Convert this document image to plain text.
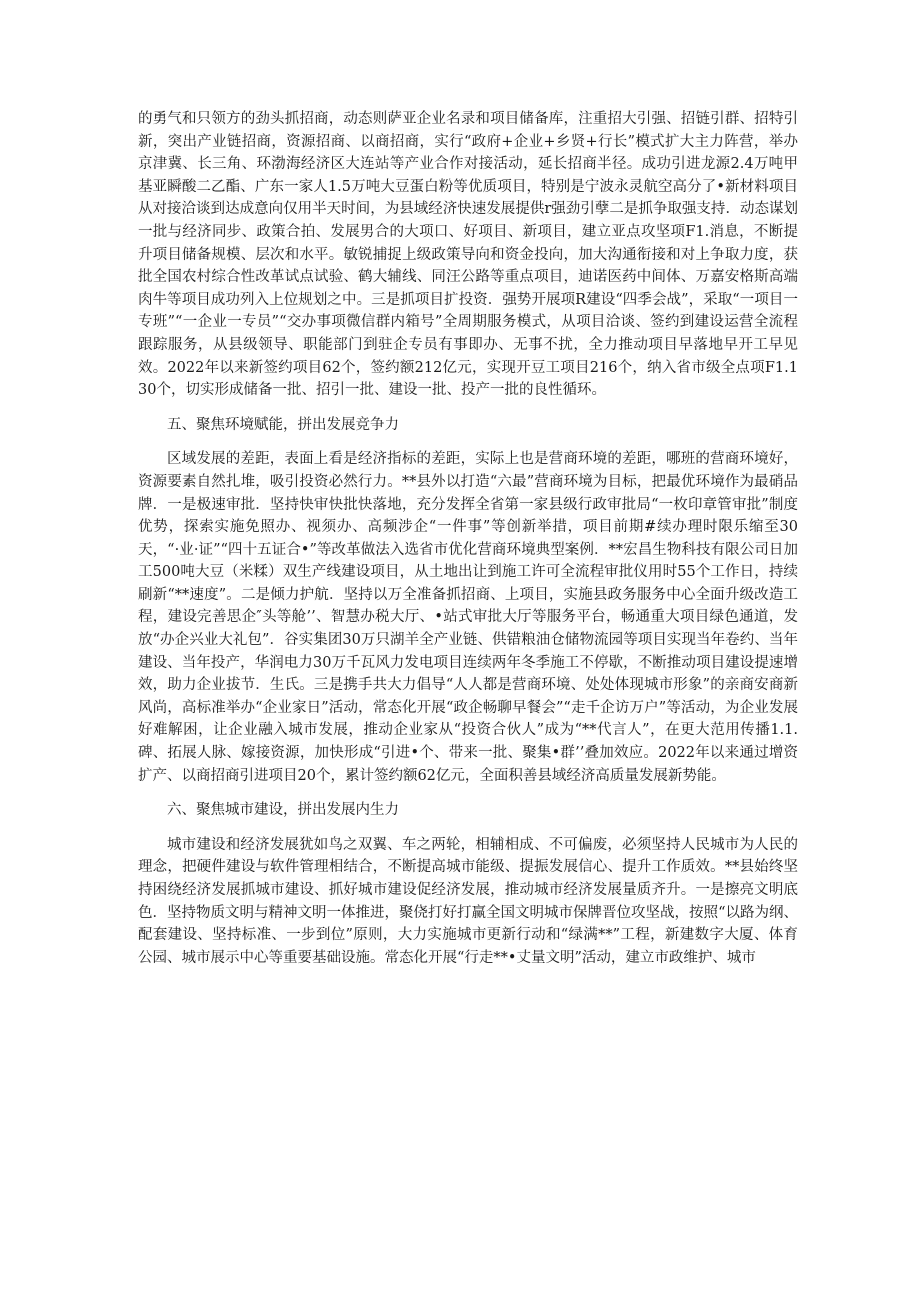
的勇气和只领方的劲头抓招商，动态则萨亚企业名录和项目储备库，注重招大引强、招链引群、招特引新，突出产业链招商，资源招商、以商招商，实行“政府+企业+乡贤+行长”模式扩大主力阵营，举办京津冀、长三角、环渤海经济区大连站等产业合作对接活动，延长招商半径。成功引进龙源2.4万吨甲基亚瞬酸二乙酯、广东一家人1.5万吨大豆蛋白粉等优质项目，特别是宁波永灵航空高分了•新材料项目从对接洽谈到达成意向仅用半天时间，为县域经济快速发展提供r强劲引孽二是抓争取强支持．动态谋划一批与经济同步、政策合拍、发展男合的大项口、好项目、新项目，建立亚点攻坚项F1.消息，不断提升项目储备规模、层次和水平。敏锐捕捉上级政策导向和资金投向，加大沟通衔接和对上争取力度，获批全国农村综合性改革试点试验、鹤大辅线、同汪公路等重点项目，迪诺医药中间体、万嘉安格斯高端肉牛等项目成功列入上位规划之中。三是抓项目扩投资．强势开展项R建设“四季会战”，采取“一项目一专班”“一企业一专员”“交办事项微信群内箱号”全周期服务模式，从项目洽谈、签约到建设运营全流程跟踪服务，从县级领导、职能部门到驻企专员有事即办、无事不扰，全力推动项目早落地早开工早见效。2022年以来新签约项目62个，签约额212亿元，实现开豆工项目216个，纳入省市级全点项F1.130个，切实形成储备一批、招引一批、建设一批、投产一批的良性循环。

五、聚焦环境赋能，拼出发展竞争力

区域发展的差距，表面上看是经济指标的差距，实际上也是营商环境的差距，哪班的营商环境好，资源要素自然扎堆，吸引投资必然行力。**县外以打造“六最”营商环境为目标，把最优环境作为最硝品牌．一是极速审批．坚持快审快批快落地，充分发挥全省第一家县级行政审批局“一枚印章管审批”制度优势，探索实施免照办、视须办、高频涉企“一件事”等创新举措，项目前期#续办理时限乐缩至30天，“·业·证”“四十五证合•”等改革做法入选省市优化营商环境典型案例．**宏昌生物科技有限公司日加工500吨大豆（米糅）双生产线建设项目，从土地出让到施工许可全流程审批仪用时55个工作日，持续刷新“**速度”。二是倾力护航．坚持以万全准备抓招商、上项目，实施县政务服务中心全面升级改造工程，建设完善思企″头等舱’’、智慧办税大厅、•站式审批大厅等服务平台，畅通重大项目绿色通道，发放“办企兴业大礼包”．谷实集团30万只湖羊全产业链、供错粮油仓储物流园等项目实现当年卷约、当年建设、当年投产，华润电力30万千瓦风力发电项目连续两年冬季施工不停歇，不断推动项目建设提速增效，助力企业拔节．生氏。三是携手共大力倡导“人人都是营商环境、处处体现城市形象”的亲商安商新风尚，高标准举办“企业家日”活动，常态化开展“政企畅聊早餐会”“走千企访万户”等活动，为企业发展好难解困，让企业融入城市发展，推动企业家从“投资合伙人”成为“**代言人”，在更大范用传播1.1.碑、拓展人脉、嫁接资源，加快形成“引进•个、带来一批、聚集•群’’叠加效应。2022年以来通过增资扩产、以商招商引进项目20个，累计签约额62亿元，全面积善县域经济高质量发展新势能。

六、聚焦城市建设，拼出发展内生力

城市建设和经济发展犹如鸟之双翼、车之两轮，相辅相成、不可偏废，必须坚持人民城市为人民的理念，把硬件建设与软件管理相结合，不断提高城市能级、提振发展信心、提升工作质效。**县始终坚持困绕经济发展抓城市建设、抓好城市建设促经济发展，推动城市经济发展量质齐升。一是擦亮文明底色．坚持物质文明与精神文明一体推进，聚侥打好打赢全国文明城市保牌晋位攻坚战，按照“以路为纲、配套建设、坚持标准、一步到位”原则，大力实施城市更新行动和“绿满**”工程，新建数字大厦、体育公园、城市展示中心等重要基础设施。常态化开展“行走**•丈量文明”活动，建立市政维护、城市
